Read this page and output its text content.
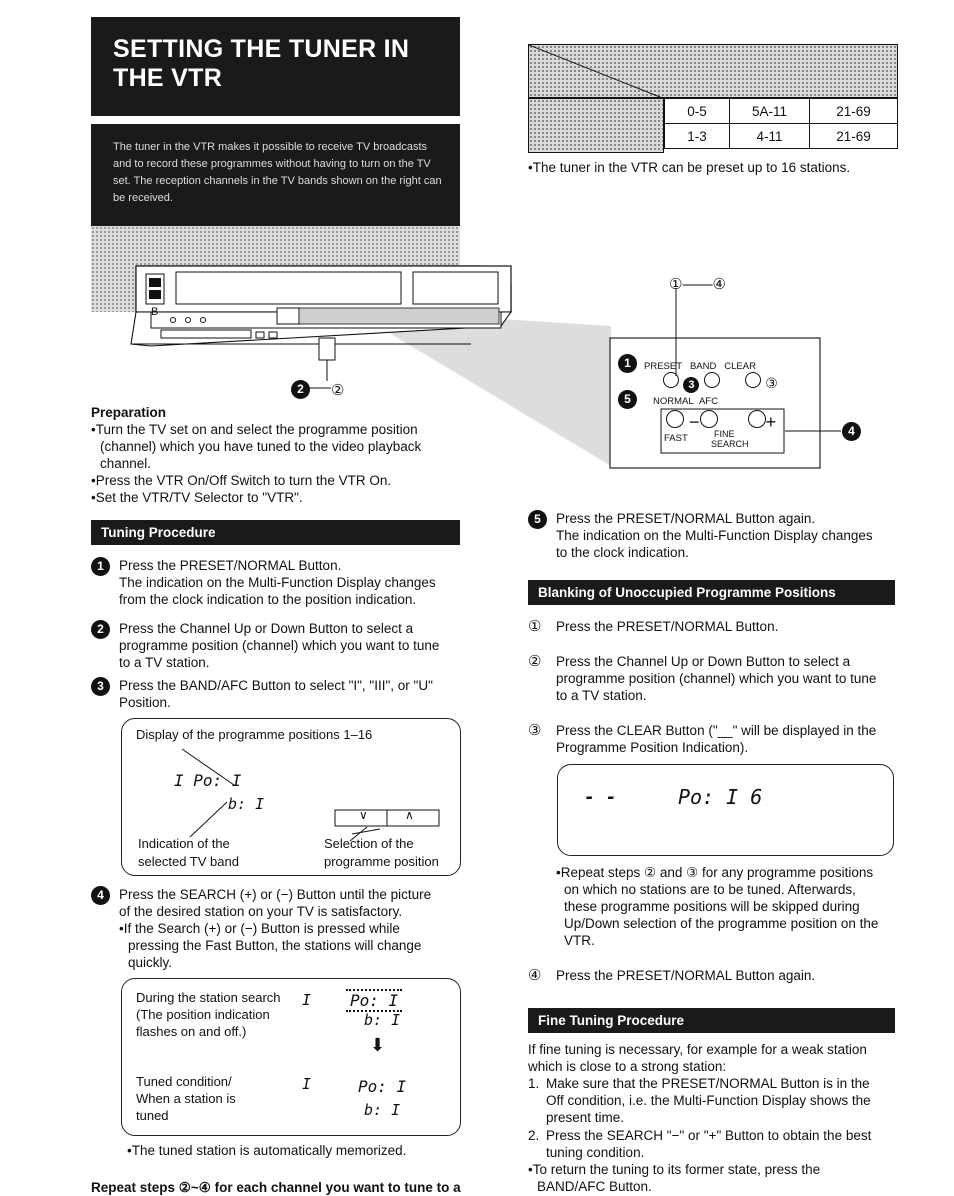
SETTING THE TUNER IN
THE VTR

The tuner in the VTR makes it possible to receive TV broadcasts and to record these programmes without having to turn on the TV set. The reception channels in the TV bands shown on the right can be received.

0-5	5A-11	21-69
1-3	4-11	21-69
•The tuner in the VTR can be preset up to 16 stations.
B
2	②
①——④
1	PRESET BAND CLEAR
3	③
5	NORMAL AFC
−	+
FAST	FINE
SEARCH
4
Preparation
•Turn the TV set on and select the programme position
(channel) which you have tuned to the video playback
channel.
•Press the VTR On/Off Switch to turn the VTR On.
•Set the VTR/TV Selector to "VTR".
Tuning Procedure
1	Press the PRESET/NORMAL Button.
The indication on the Multi-Function Display changes
from the clock indication to the position indication.
2	Press the Channel Up or Down Button to select a
programme position (channel) which you want to tune
to a TV station.
3	Press the BAND/AFC Button to select "I", "III", or "U"
Position.
Display of the programme positions 1–16
I Po: I
b: I
∨	∧
Indication of the
selected TV band
Selection of the
programme position
4	Press the SEARCH (+) or (−) Button until the picture
of the desired station on your TV is satisfactory.
•If the Search (+) or (−) Button is pressed while
pressing the Fast Button, the stations will change
quickly.
During the station search
(The position indication
flashes on and off.)
I Po: I
b: I
⬇
Tuned condition/
When a station is
tuned
I	Po: I
b: I
•The tuned station is automatically memorized.
Repeat steps ②~④ for each channel you want to tune to a
5	Press the PRESET/NORMAL Button again.
The indication on the Multi-Function Display changes
to the clock indication.
Blanking of Unoccupied Programme Positions
① Press the PRESET/NORMAL Button.
② Press the Channel Up or Down Button to select a
programme position (channel) which you want to tune
to a TV station.
③ Press the CLEAR Button ("__" will be displayed in the
Programme Position Indication).
- -	Po: I 6
•Repeat steps ② and ③ for any programme positions
on which no stations are to be tuned. Afterwards,
these programme positions will be skipped during
Up/Down selection of the programme position on the
VTR.
④ Press the PRESET/NORMAL Button again.
Fine Tuning Procedure
If fine tuning is necessary, for example for a weak station
which is close to a strong station:
1. Make sure that the PRESET/NORMAL Button is in the
Off condition, i.e. the Multi-Function Display shows the
present time.
2. Press the SEARCH "−" or "+" Button to obtain the best
tuning condition.
•To return the tuning to its former state, press the
BAND/AFC Button.
